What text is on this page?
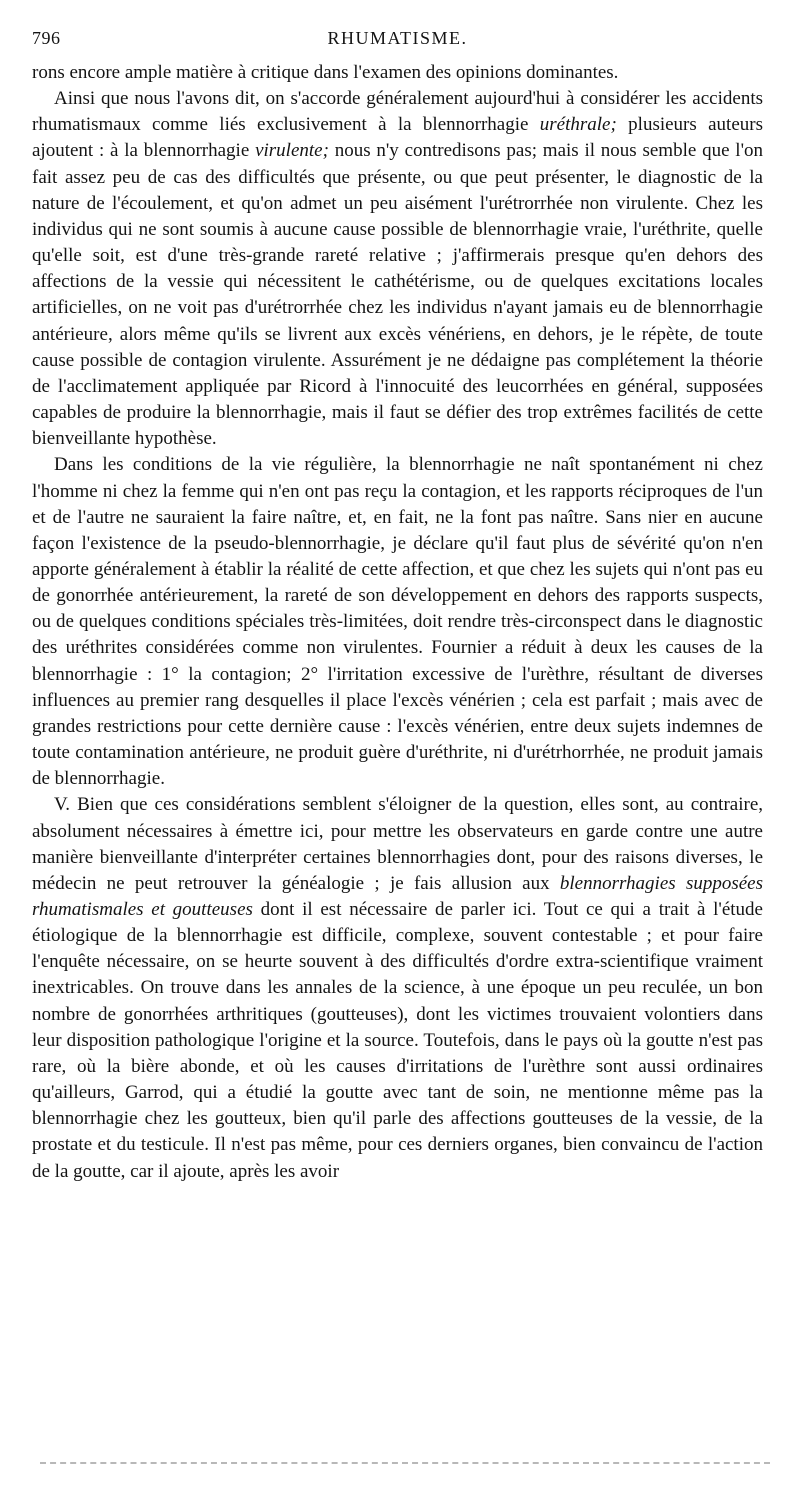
796	RHUMATISME.

rons encore ample matière à critique dans l'examen des opinions dominantes.

Ainsi que nous l'avons dit, on s'accorde généralement aujourd'hui à considérer les accidents rhumatismaux comme liés exclusivement à la blennorrhagie uréthrale; plusieurs auteurs ajoutent : à la blennorrhagie virulente; nous n'y contredisons pas; mais il nous semble que l'on fait assez peu de cas des difficultés que présente, ou que peut présenter, le diagnostic de la nature de l'écoulement, et qu'on admet un peu aisément l'urétrorrhée non virulente. Chez les individus qui ne sont soumis à aucune cause possible de blennorrhagie vraie, l'uréthrite, quelle qu'elle soit, est d'une très-grande rareté relative ; j'affirmerais presque qu'en dehors des affections de la vessie qui nécessitent le cathétérisme, ou de quelques excitations locales artificielles, on ne voit pas d'urétrorrhée chez les individus n'ayant jamais eu de blennorrhagie antérieure, alors même qu'ils se livrent aux excès vénériens, en dehors, je le répète, de toute cause possible de contagion virulente. Assurément je ne dédaigne pas complétement la théorie de l'acclimatement appliquée par Ricord à l'innocuité des leucorrhées en général, supposées capables de produire la blennorrhagie, mais il faut se défier des trop extrêmes facilités de cette bienveillante hypothèse.

Dans les conditions de la vie régulière, la blennorrhagie ne naît spontanément ni chez l'homme ni chez la femme qui n'en ont pas reçu la contagion, et les rapports réciproques de l'un et de l'autre ne sauraient la faire naître, et, en fait, ne la font pas naître. Sans nier en aucune façon l'existence de la pseudo-blennorrhagie, je déclare qu'il faut plus de sévérité qu'on n'en apporte généralement à établir la réalité de cette affection, et que chez les sujets qui n'ont pas eu de gonorrhée antérieurement, la rareté de son développement en dehors des rapports suspects, ou de quelques conditions spéciales très-limitées, doit rendre très-circonspect dans le diagnostic des uréthrites considérées comme non virulentes. Fournier a réduit à deux les causes de la blennorrhagie : 1° la contagion; 2° l'irritation excessive de l'urèthre, résultant de diverses influences au premier rang desquelles il place l'excès vénérien ; cela est parfait ; mais avec de grandes restrictions pour cette dernière cause : l'excès vénérien, entre deux sujets indemnes de toute contamination antérieure, ne produit guère d'uréthrite, ni d'urétrhorrhée, ne produit jamais de blennorrhagie.

V. Bien que ces considérations semblent s'éloigner de la question, elles sont, au contraire, absolument nécessaires à émettre ici, pour mettre les observateurs en garde contre une autre manière bienveillante d'interpréter certaines blennorrhagies dont, pour des raisons diverses, le médecin ne peut retrouver la généalogie ; je fais allusion aux blennorrhagies supposées rhumatismales et goutteuses dont il est nécessaire de parler ici. Tout ce qui a trait à l'étude étiologique de la blennorrhagie est difficile, complexe, souvent contestable ; et pour faire l'enquête nécessaire, on se heurte souvent à des difficultés d'ordre extra-scientifique vraiment inextricables. On trouve dans les annales de la science, à une époque un peu reculée, un bon nombre de gonorrhées arthritiques (goutteuses), dont les victimes trouvaient volontiers dans leur disposition pathologique l'origine et la source. Toutefois, dans le pays où la goutte n'est pas rare, où la bière abonde, et où les causes d'irritations de l'urèthre sont aussi ordinaires qu'ailleurs, Garrod, qui a étudié la goutte avec tant de soin, ne mentionne même pas la blennorrhagie chez les goutteux, bien qu'il parle des affections goutteuses de la vessie, de la prostate et du testicule. Il n'est pas même, pour ces derniers organes, bien convaincu de l'action de la goutte, car il ajoute, après les avoir
